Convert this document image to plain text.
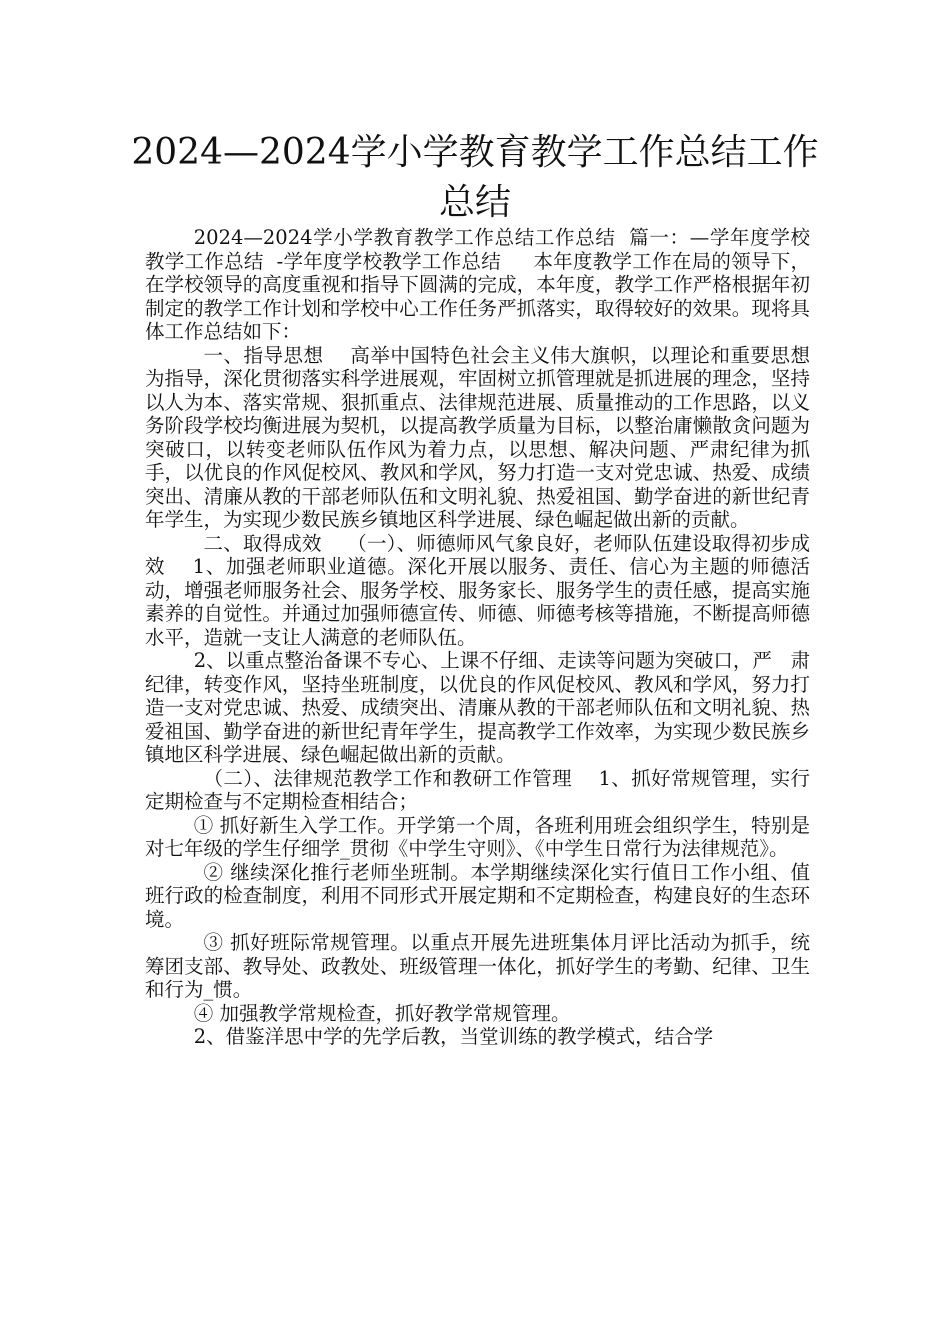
2024—2024学小学教育教学工作总结工作总结

2024—2024学小学教育教学工作总结工作总结  篇一：—学年度学校教学工作总结  -学年度学校教学工作总结     本年度教学工作在局的领导下，在学校领导的高度重视和指导下圆满的完成，本年度，教学工作严格根据年初制定的教学工作计划和学校中心工作任务严抓落实，取得较好的效果。现将具体工作总结如下：

一、指导思想    高举中国特色社会主义伟大旗帜，以理论和重要思想为指导，深化贯彻落实科学进展观，牢固树立抓管理就是抓进展的理念，坚持以人为本、落实常规、狠抓重点、法律规范进展、质量推动的工作思路，以义务阶段学校均衡进展为契机，以提高教学质量为目标，以整治庸懒散贪问题为突破口，以转变老师队伍作风为着力点，以思想、解决问题、严肃纪律为抓手，以优良的作风促校风、教风和学风，努力打造一支对党忠诚、热爱、成绩突出、清廉从教的干部老师队伍和文明礼貌、热爱祖国、勤学奋进的新世纪青年学生，为实现少数民族乡镇地区科学进展、绿色崛起做出新的贡献。

二、取得成效    （一）、师德师风气象良好，老师队伍建设取得初步成效    1、加强老师职业道德。深化开展以服务、责任、信心为主题的师德活动，增强老师服务社会、服务学校、服务家长、服务学生的责任感，提高实施素养的自觉性。并通过加强师德宣传、师德、师德考核等措施，不断提高师德水平，造就一支让人满意的老师队伍。

2、以重点整治备课不专心、上课不仔细、走读等问题为突破口，严   肃纪律，转变作风，坚持坐班制度，以优良的作风促校风、教风和学风，努力打造一支对党忠诚、热爱、成绩突出、清廉从教的干部老师队伍和文明礼貌、热爱祖国、勤学奋进的新世纪青年学生，提高教学工作效率，为实现少数民族乡镇地区科学进展、绿色崛起做出新的贡献。

（二）、法律规范教学工作和教研工作管理    1、抓好常规管理，实行定期检查与不定期检查相结合；

① 抓好新生入学工作。开学第一个周，各班利用班会组织学生，特别是对七年级的学生仔细学_贯彻《中学生守则》、《中学生日常行为法律规范》。

② 继续深化推行老师坐班制。本学期继续深化实行值日工作小组、值班行政的检查制度，利用不同形式开展定期和不定期检查，构建良好的生态环境。

③ 抓好班际常规管理。以重点开展先进班集体月评比活动为抓手，统筹团支部、教导处、政教处、班级管理一体化，抓好学生的考勤、纪律、卫生和行为_惯。

④ 加强教学常规检查，抓好教学常规管理。

2、借鉴洋思中学的先学后教，当堂训练的教学模式，结合学
